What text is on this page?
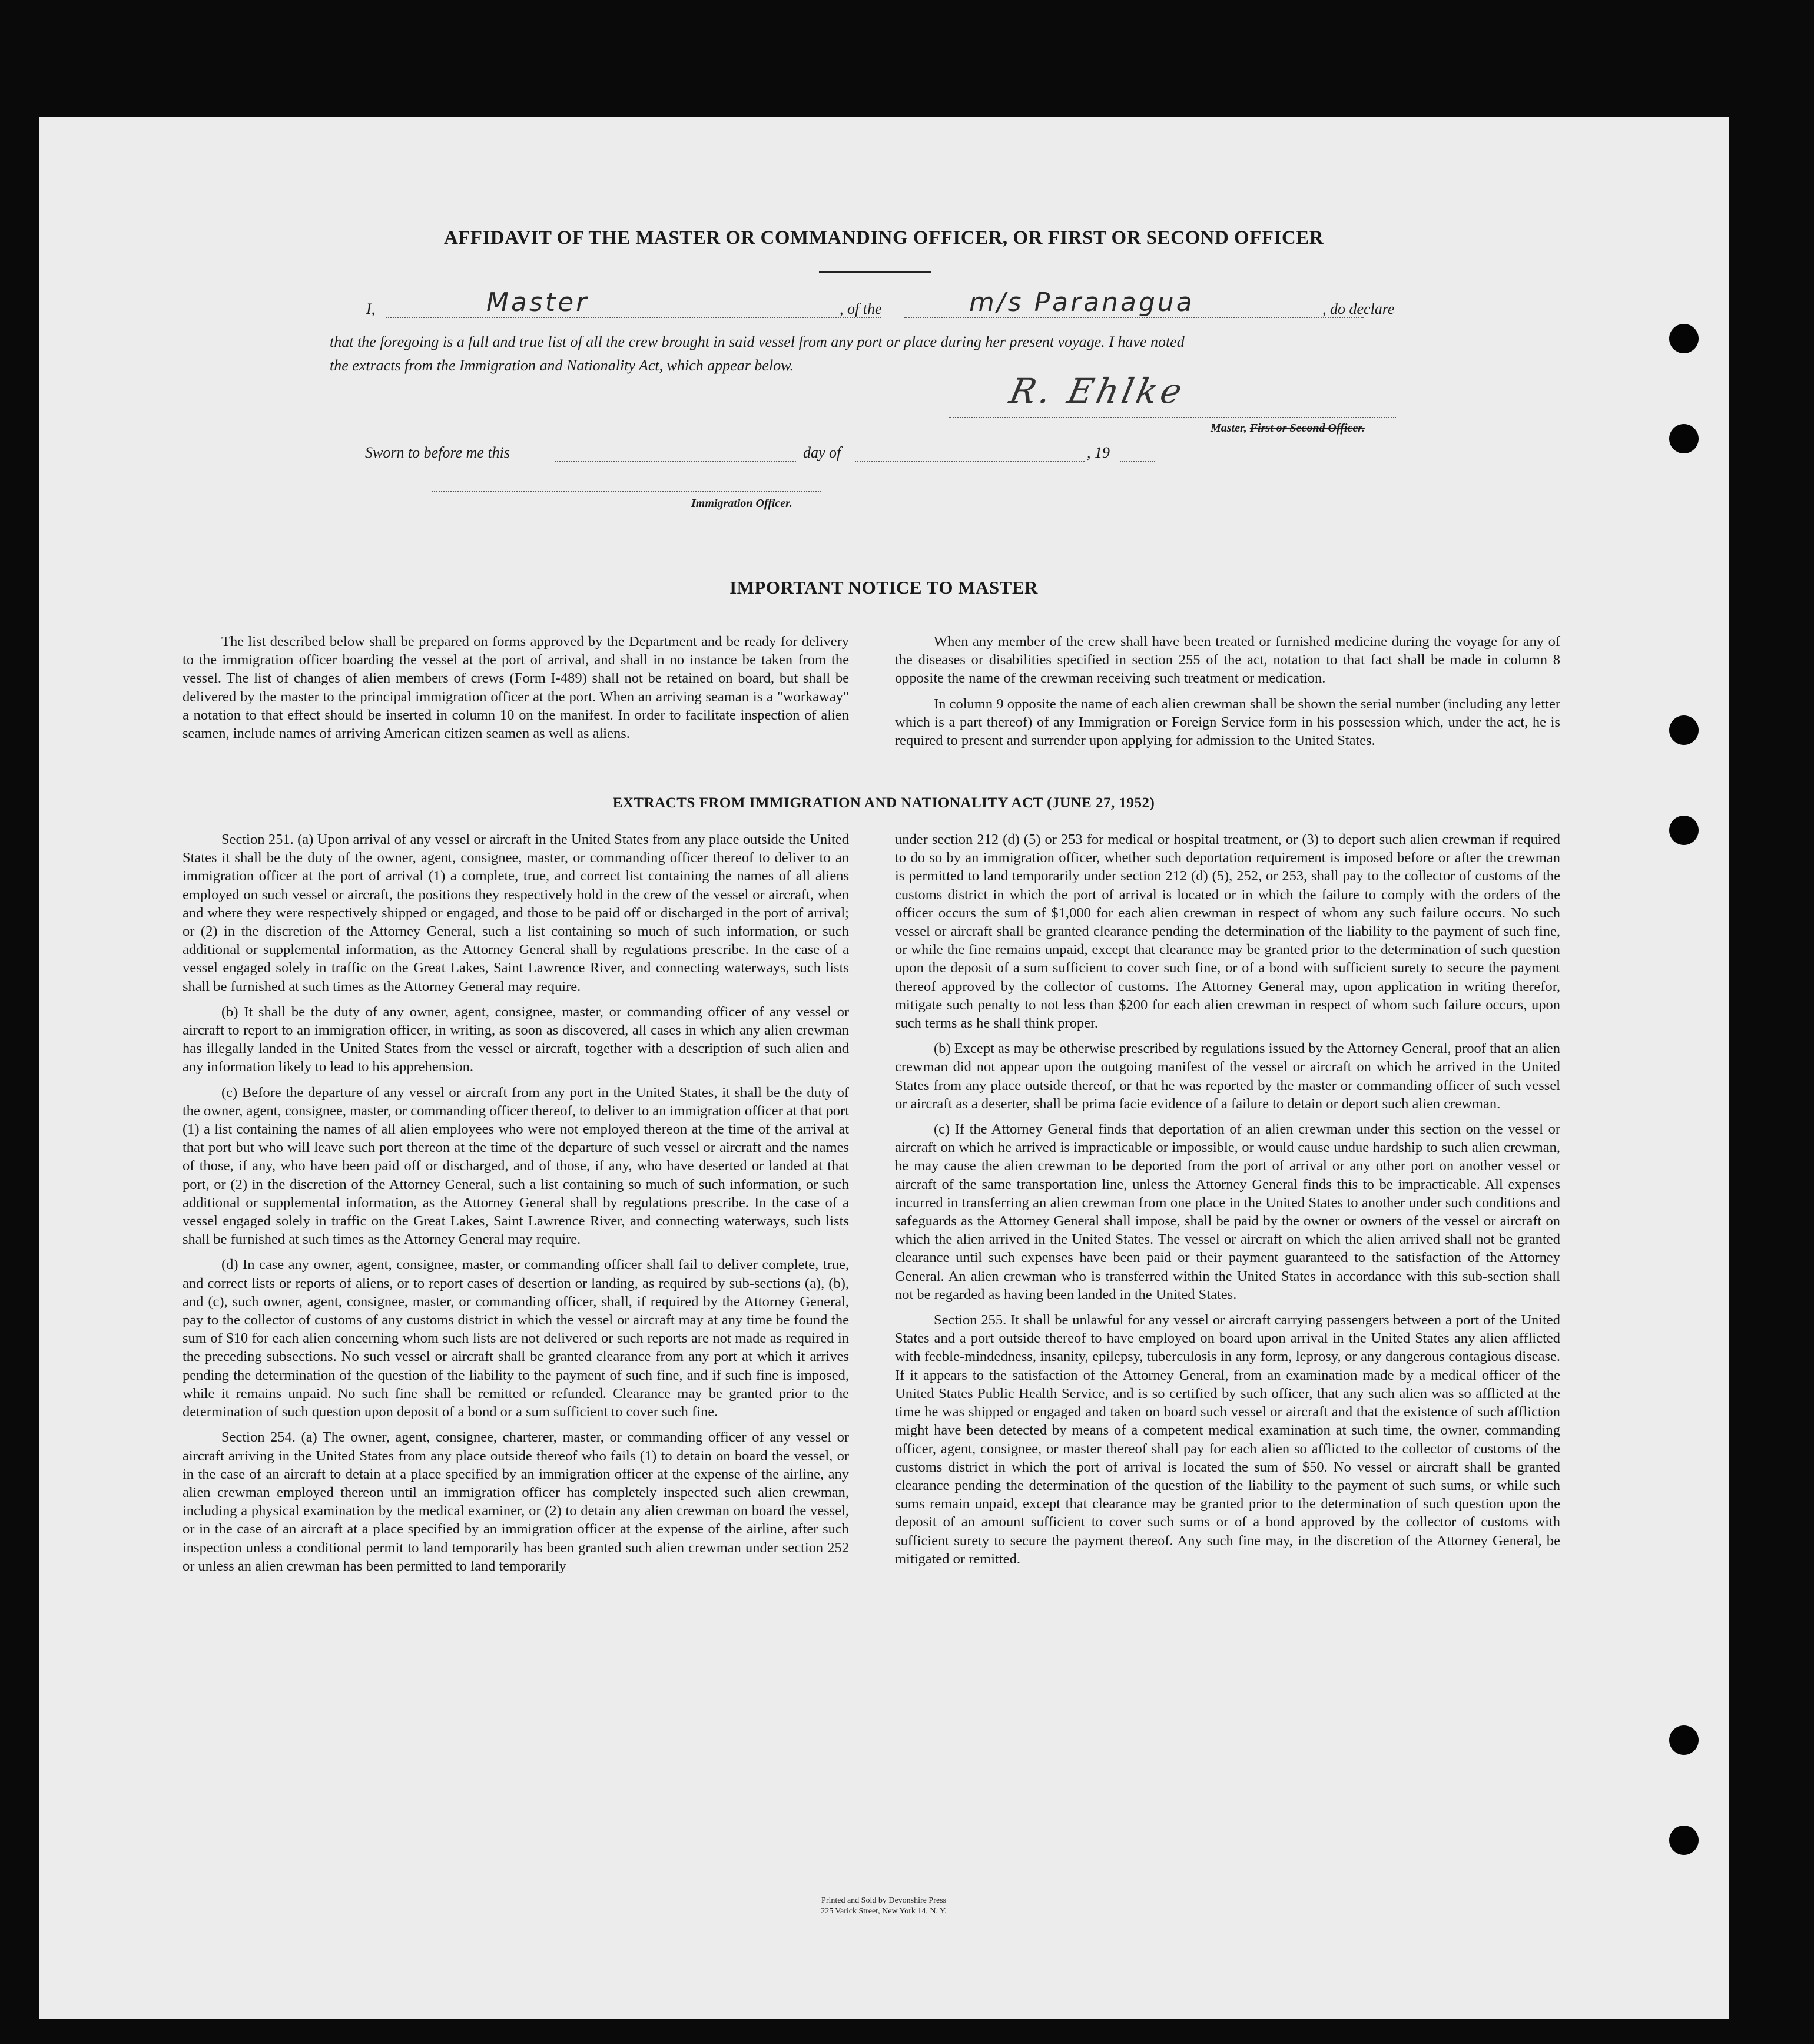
AFFIDAVIT OF THE MASTER OR COMMANDING OFFICER, OR FIRST OR SECOND OFFICER
I,	Master	, of the	m/s Paranagua	, do declare
that the foregoing is a full and true list of all the crew brought in said vessel from any port or place during her present voyage. I have noted
the extracts from the Immigration and Nationality Act, which appear below.
R. Ehlke
Master, First or Second Officer.
Sworn to before me this	day of	, 19
Immigration Officer.
IMPORTANT NOTICE TO MASTER

The list described below shall be prepared on forms approved by the Department and be ready for delivery to the immigration officer boarding the vessel at the port of arrival, and shall in no instance be taken from the vessel. The list of changes of alien members of crews (Form I-489) shall not be retained on board, but shall be delivered by the master to the principal immigration officer at the port. When an arriving seaman is a "workaway" a notation to that effect should be inserted in column 10 on the manifest. In order to facilitate inspection of alien seamen, include names of arriving American citizen seamen as well as aliens.

When any member of the crew shall have been treated or furnished medicine during the voyage for any of the diseases or disabilities specified in section 255 of the act, notation to that fact shall be made in column 8 opposite the name of the crewman receiving such treatment or medication.

In column 9 opposite the name of each alien crewman shall be shown the serial number (including any letter which is a part thereof) of any Immigration or Foreign Service form in his possession which, under the act, he is required to present and surrender upon applying for admission to the United States.

EXTRACTS FROM IMMIGRATION AND NATIONALITY ACT (JUNE 27, 1952)

Section 251. (a) Upon arrival of any vessel or aircraft in the United States from any place outside the United States it shall be the duty of the owner, agent, consignee, master, or commanding officer thereof to deliver to an immigration officer at the port of arrival (1) a complete, true, and correct list containing the names of all aliens employed on such vessel or aircraft, the positions they respectively hold in the crew of the vessel or aircraft, when and where they were respectively shipped or engaged, and those to be paid off or discharged in the port of arrival; or (2) in the discretion of the Attorney General, such a list containing so much of such information, or such additional or supplemental information, as the Attorney General shall by regulations prescribe. In the case of a vessel engaged solely in traffic on the Great Lakes, Saint Lawrence River, and connecting waterways, such lists shall be furnished at such times as the Attorney General may require.

(b) It shall be the duty of any owner, agent, consignee, master, or commanding officer of any vessel or aircraft to report to an immigration officer, in writing, as soon as discovered, all cases in which any alien crewman has illegally landed in the United States from the vessel or aircraft, together with a description of such alien and any information likely to lead to his apprehension.

(c) Before the departure of any vessel or aircraft from any port in the United States, it shall be the duty of the owner, agent, consignee, master, or commanding officer thereof, to deliver to an immigration officer at that port (1) a list containing the names of all alien employees who were not employed thereon at the time of the arrival at that port but who will leave such port thereon at the time of the departure of such vessel or aircraft and the names of those, if any, who have been paid off or discharged, and of those, if any, who have deserted or landed at that port, or (2) in the discretion of the Attorney General, such a list containing so much of such information, or such additional or supplemental information, as the Attorney General shall by regulations prescribe. In the case of a vessel engaged solely in traffic on the Great Lakes, Saint Lawrence River, and connecting waterways, such lists shall be furnished at such times as the Attorney General may require.

(d) In case any owner, agent, consignee, master, or commanding officer shall fail to deliver complete, true, and correct lists or reports of aliens, or to report cases of desertion or landing, as required by sub-sections (a), (b), and (c), such owner, agent, consignee, master, or commanding officer, shall, if required by the Attorney General, pay to the collector of customs of any customs district in which the vessel or aircraft may at any time be found the sum of $10 for each alien concerning whom such lists are not delivered or such reports are not made as required in the preceding subsections. No such vessel or aircraft shall be granted clearance from any port at which it arrives pending the determination of the question of the liability to the payment of such fine, and if such fine is imposed, while it remains unpaid. No such fine shall be remitted or refunded. Clearance may be granted prior to the determination of such question upon deposit of a bond or a sum sufficient to cover such fine.

Section 254. (a) The owner, agent, consignee, charterer, master, or commanding officer of any vessel or aircraft arriving in the United States from any place outside thereof who fails (1) to detain on board the vessel, or in the case of an aircraft to detain at a place specified by an immigration officer at the expense of the airline, any alien crewman employed thereon until an immigration officer has completely inspected such alien crewman, including a physical examination by the medical examiner, or (2) to detain any alien crewman on board the vessel, or in the case of an aircraft at a place specified by an immigration officer at the expense of the airline, after such inspection unless a conditional permit to land temporarily has been granted such alien crewman under section 252 or unless an alien crewman has been permitted to land temporarily

under section 212 (d) (5) or 253 for medical or hospital treatment, or (3) to deport such alien crewman if required to do so by an immigration officer, whether such deportation requirement is imposed before or after the crewman is permitted to land temporarily under section 212 (d) (5), 252, or 253, shall pay to the collector of customs of the customs district in which the port of arrival is located or in which the failure to comply with the orders of the officer occurs the sum of $1,000 for each alien crewman in respect of whom any such failure occurs. No such vessel or aircraft shall be granted clearance pending the determination of the liability to the payment of such fine, or while the fine remains unpaid, except that clearance may be granted prior to the determination of such question upon the deposit of a sum sufficient to cover such fine, or of a bond with sufficient surety to secure the payment thereof approved by the collector of customs. The Attorney General may, upon application in writing therefor, mitigate such penalty to not less than $200 for each alien crewman in respect of whom such failure occurs, upon such terms as he shall think proper.

(b) Except as may be otherwise prescribed by regulations issued by the Attorney General, proof that an alien crewman did not appear upon the outgoing manifest of the vessel or aircraft on which he arrived in the United States from any place outside thereof, or that he was reported by the master or commanding officer of such vessel or aircraft as a deserter, shall be prima facie evidence of a failure to detain or deport such alien crewman.

(c) If the Attorney General finds that deportation of an alien crewman under this section on the vessel or aircraft on which he arrived is impracticable or impossible, or would cause undue hardship to such alien crewman, he may cause the alien crewman to be deported from the port of arrival or any other port on another vessel or aircraft of the same transportation line, unless the Attorney General finds this to be impracticable. All expenses incurred in transferring an alien crewman from one place in the United States to another under such conditions and safeguards as the Attorney General shall impose, shall be paid by the owner or owners of the vessel or aircraft on which the alien arrived in the United States. The vessel or aircraft on which the alien arrived shall not be granted clearance until such expenses have been paid or their payment guaranteed to the satisfaction of the Attorney General. An alien crewman who is transferred within the United States in accordance with this sub-section shall not be regarded as having been landed in the United States.

Section 255. It shall be unlawful for any vessel or aircraft carrying passengers between a port of the United States and a port outside thereof to have employed on board upon arrival in the United States any alien afflicted with feeble-mindedness, insanity, epilepsy, tuberculosis in any form, leprosy, or any dangerous contagious disease. If it appears to the satisfaction of the Attorney General, from an examination made by a medical officer of the United States Public Health Service, and is so certified by such officer, that any such alien was so afflicted at the time he was shipped or engaged and taken on board such vessel or aircraft and that the existence of such affliction might have been detected by means of a competent medical examination at such time, the owner, commanding officer, agent, consignee, or master thereof shall pay for each alien so afflicted to the collector of customs of the customs district in which the port of arrival is located the sum of $50. No vessel or aircraft shall be granted clearance pending the determination of the question of the liability to the payment of such sums, or while such sums remain unpaid, except that clearance may be granted prior to the determination of such question upon the deposit of an amount sufficient to cover such sums or of a bond approved by the collector of customs with sufficient surety to secure the payment thereof. Any such fine may, in the discretion of the Attorney General, be mitigated or remitted.

Printed and Sold by Devonshire Press
225 Varick Street, New York 14, N. Y.
